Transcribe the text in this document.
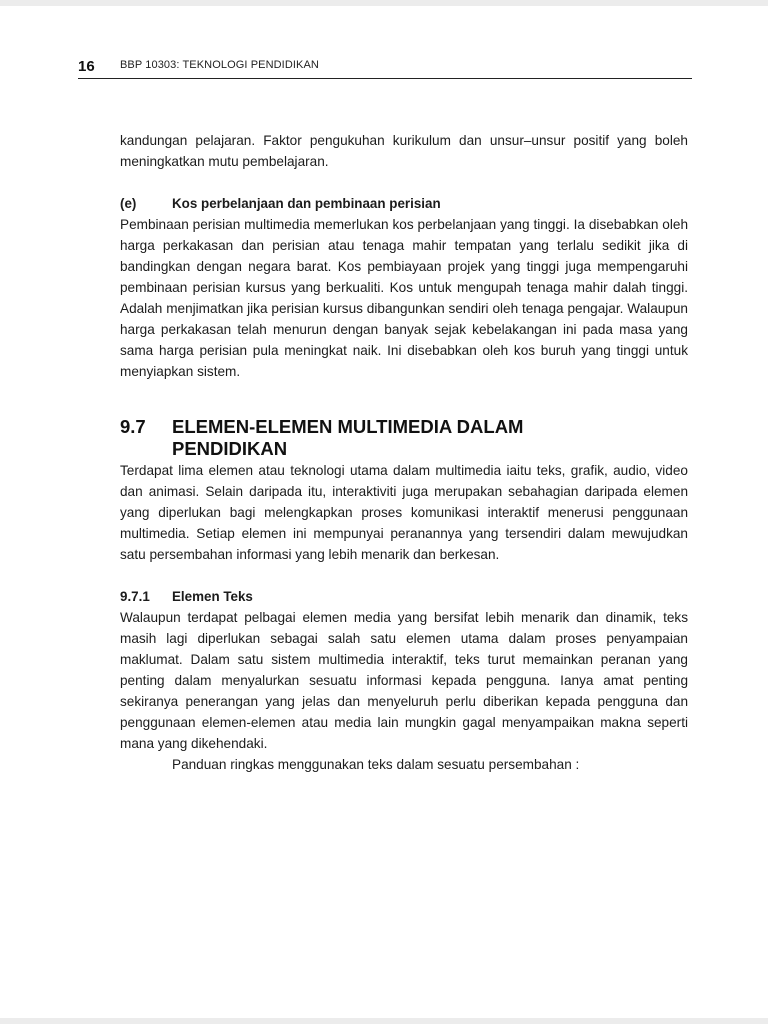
16 BBP 10303: TEKNOLOGI PENDIDIKAN

kandungan pelajaran. Faktor pengukuhan kurikulum dan unsur–unsur positif yang boleh meningkatkan mutu pembelajaran.

(e)	Kos perbelanjaan dan pembinaan perisian

Pembinaan perisian multimedia memerlukan kos perbelanjaan yang tinggi. Ia disebabkan oleh harga perkakasan dan perisian atau tenaga mahir tempatan yang terlalu sedikit jika di bandingkan dengan negara barat. Kos pembiayaan projek yang tinggi juga mempengaruhi pembinaan perisian kursus yang berkualiti. Kos untuk mengupah tenaga mahir dalah tinggi. Adalah menjimatkan jika perisian kursus dibangunkan sendiri oleh tenaga pengajar. Walaupun harga perkakasan telah menurun dengan banyak sejak kebelakangan ini pada masa yang sama harga perisian pula meningkat naik. Ini disebabkan oleh kos buruh yang tinggi untuk menyiapkan sistem.

9.7	ELEMEN-ELEMEN MULTIMEDIA DALAM PENDIDIKAN

Terdapat lima elemen atau teknologi utama dalam multimedia iaitu teks, grafik, audio, video dan animasi. Selain daripada itu, interaktiviti juga merupakan sebahagian daripada elemen yang diperlukan bagi melengkapkan proses komunikasi interaktif menerusi penggunaan multimedia. Setiap elemen ini mempunyai peranannya yang tersendiri dalam mewujudkan satu persembahan informasi yang lebih menarik dan berkesan.

9.7.1	Elemen Teks

Walaupun terdapat pelbagai elemen media yang bersifat lebih menarik dan dinamik, teks masih lagi diperlukan sebagai salah satu elemen utama dalam proses penyampaian maklumat. Dalam satu sistem multimedia interaktif, teks turut memainkan peranan yang penting dalam menyalurkan sesuatu informasi kepada pengguna. Ianya amat penting sekiranya penerangan yang jelas dan menyeluruh perlu diberikan kepada pengguna dan penggunaan elemen-elemen atau media lain mungkin gagal menyampaikan makna seperti mana yang dikehendaki.

Panduan ringkas menggunakan teks dalam sesuatu persembahan :
